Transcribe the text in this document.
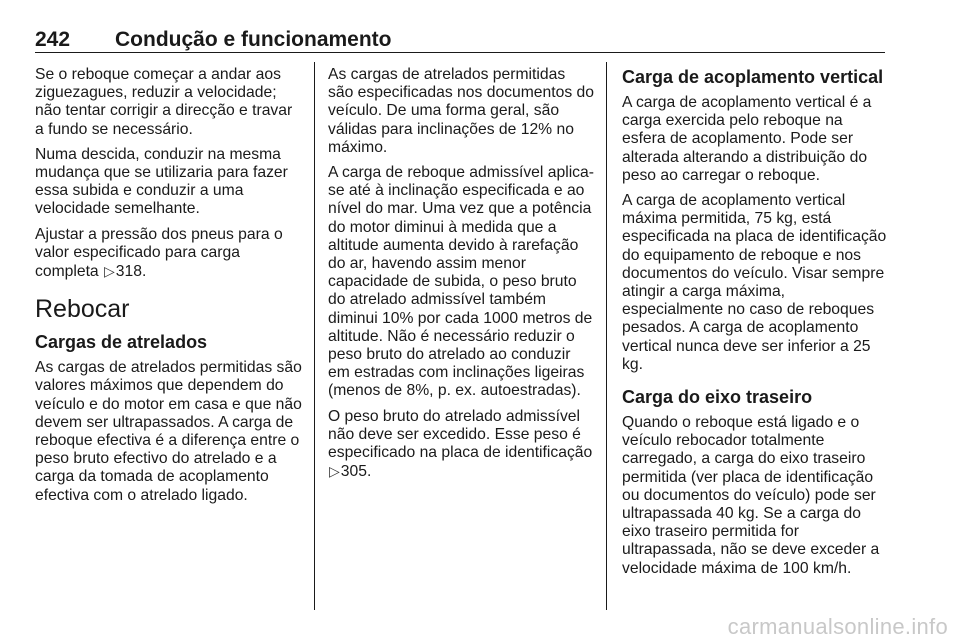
242	Condução e funcionamento

Se o reboque começar a andar aos ziguezagues, reduzir a velocidade; não tentar corrigir a direcção e travar a fundo se necessário.

Numa descida, conduzir na mesma mudança que se utilizaria para fazer essa subida e conduzir a uma velocidade semelhante.

Ajustar a pressão dos pneus para o valor especificado para carga completa ▷318.

Rebocar
Cargas de atrelados

As cargas de atrelados permitidas são valores máximos que dependem do veículo e do motor em casa e que não devem ser ultrapassados. A carga de reboque efectiva é a diferença entre o peso bruto efectivo do atrelado e a carga da tomada de acoplamento efectiva com o atrelado ligado.

As cargas de atrelados permitidas são especificadas nos documentos do veículo. De uma forma geral, são válidas para inclinações de 12% no máximo.

A carga de reboque admissível aplica-se até à inclinação especificada e ao nível do mar. Uma vez que a potência do motor diminui à medida que a altitude aumenta devido à rarefação do ar, havendo assim menor capacidade de subida, o peso bruto do atrelado admissível também diminui 10% por cada 1000 metros de altitude. Não é necessário reduzir o peso bruto do atrelado ao conduzir em estradas com inclinações ligeiras (menos de 8%, p. ex. autoestradas).

O peso bruto do atrelado admissível não deve ser excedido. Esse peso é especificado na placa de identificação ▷305.

Carga de acoplamento vertical

A carga de acoplamento vertical é a carga exercida pelo reboque na esfera de acoplamento. Pode ser alterada alterando a distribuição do peso ao carregar o reboque.

A carga de acoplamento vertical máxima permitida, 75 kg, está especificada na placa de identificação do equipamento de reboque e nos documentos do veículo. Visar sempre atingir a carga máxima, especialmente no caso de reboques pesados. A carga de acoplamento vertical nunca deve ser inferior a 25 kg.

Carga do eixo traseiro

Quando o reboque está ligado e o veículo rebocador totalmente carregado, a carga do eixo traseiro permitida (ver placa de identificação ou documentos do veículo) pode ser ultrapassada 40 kg. Se a carga do eixo traseiro permitida for ultrapassada, não se deve exceder a velocidade máxima de 100 km/h.

carmanualsonline.info
